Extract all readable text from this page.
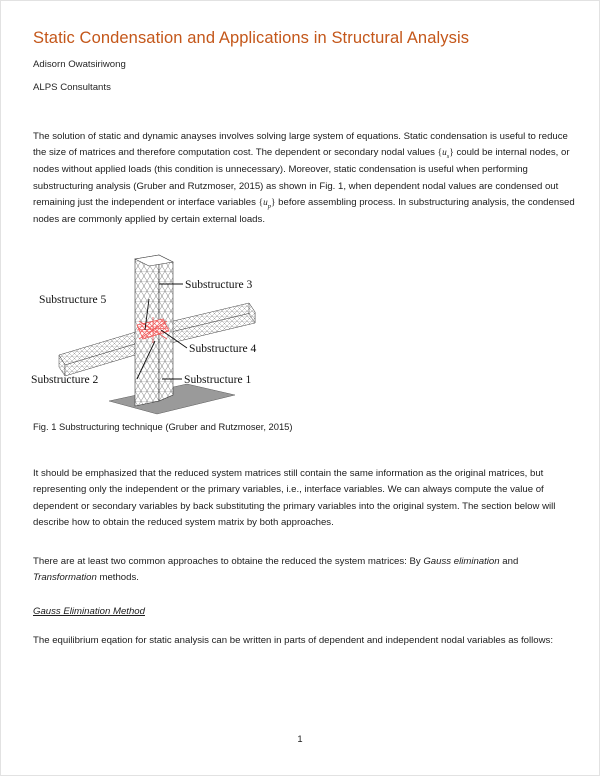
Static Condensation and Applications in Structural Analysis

Adisorn Owatsiriwong

ALPS Consultants

The solution of static and dynamic anayses involves solving large system of equations. Static condensation is useful to reduce the size of matrices and therefore computation cost. The dependent or secondary nodal values $\{u_s\}$ could be internal nodes, or nodes without applied loads (this condition is unnecessary). Moreover, static condensation is useful when performing substructuring analysis (Gruber and Rutzmoser, 2015) as shown in Fig. 1, when dependent nodal values are condensed out remaining just the independent or interface variables $\{u_p\}$ before assembling process. In substructuring analysis, the condensed nodes are commonly applied by certain external loads.

Substructure 3
Substructure 5
Substructure 4
Substructure 2	Substructure 1

Fig. 1 Substructuring technique (Gruber and Rutzmoser, 2015)

It should be emphasized that the reduced system matrices still contain the same information as the original matrices, but representing only the independent or the primary variables, i.e., interface variables. We can always compute the value of dependent or secondary variables by back substituting the primary variables into the original system. The section below will describe how to obtain the reduced system matrix by both approaches.

There are at least two common approaches to obtaine the reduced the system matrices: By Gauss elimination and Transformation methods.

Gauss Elimination Method

The equilibrium eqation for static analysis can be written in parts of dependent and independent nodal variables as follows:

1
